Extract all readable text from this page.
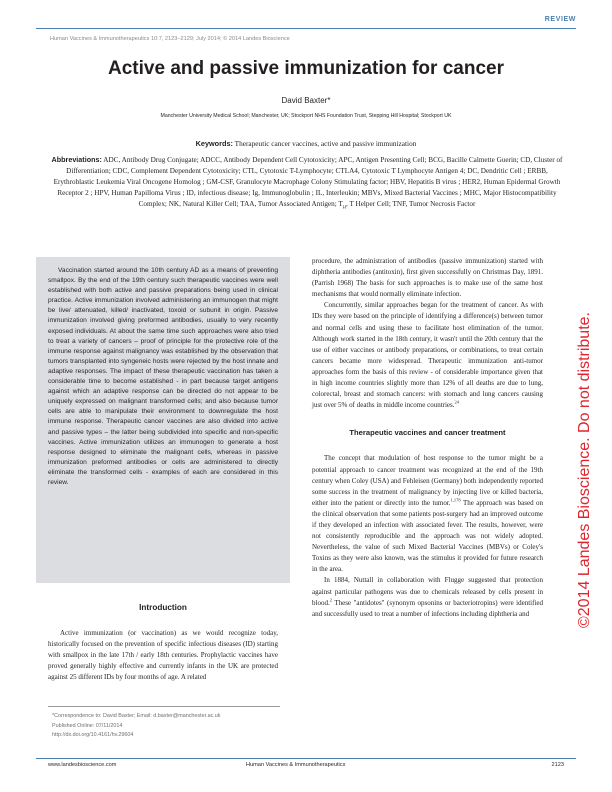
REVIEW
Human Vaccines & Immunotherapeutics 10:7, 2123–2129; July 2014; © 2014 Landes Bioscience
Active and passive immunization for cancer
David Baxter*
Manchester University Medical School; Manchester, UK; Stockport NHS Foundation Trust, Stepping Hill Hospital; Stockport UK
Keywords: Therapeutic cancer vaccines, active and passive immunization
Abbreviations: ADC, Antibody Drug Conjugate; ADCC, Antibody Dependent Cell Cytotoxicity; APC, Antigen Presenting Cell; BCG, Bacille Calmette Guerin; CD, Cluster of Differentiation; CDC, Complement Dependent Cytotoxicity; CTL, Cytotoxic T-Lymphocyte; CTLA4, Cytotoxic T Lymphocyte Antigen 4; DC, Dendritic Cell ; ERBB, Erythroblastic Leukemia Viral Oncogene Homolog ; GM-CSF, Granulocyte Macrophage Colony Stimulating factor; HBV, Hepatitis B virus ; HER2, Human Epidermal Growth Receptor 2 ; HPV, Human Papilloma Virus ; ID, infectious disease; Ig, Immunoglobulin ; IL, Interleukin; MBVs, Mixed Bacterial Vaccines ; MHC, Major Histocompatibility Complex; NK, Natural Killer Cell; TAA, Tumor Associated Antigen; $T_H$, T Helper Cell; TNF, Tumor Necrosis Factor

Vaccination started around the 10th century AD as a means of preventing smallpox. By the end of the 19th century such therapeutic vaccines were well established with both active and passive preparations being used in clinical practice. Active immunization involved administering an immunogen that might be live/ attenuated, killed/ inactivated, toxoid or subunit in origin. Passive immunization involved giving preformed antibodies, usually to very recently exposed individuals. At about the same time such approaches were also tried to treat a variety of cancers – proof of principle for the protective role of the immune response against malignancy was established by the observation that tumors transplanted into syngeneic hosts were rejected by the host innate and adaptive responses. The impact of these therapeutic vaccination has taken a considerable time to become established - in part because target antigens against which an adaptive response can be directed do not appear to be uniquely expressed on malignant transformed cells; and also because tumor cells are able to manipulate their environment to downregulate the host immune response. Therapeutic cancer vaccines are also divided into active and passive types – the latter being subdivided into specific and non-specific vaccines. Active immunization utilizes an immunogen to generate a host response designed to eliminate the malignant cells, whereas in passive immunization preformed antibodies or cells are administered to directly eliminate the transformed cells - examples of each are considered in this review.

Introduction

Active immunization (or vaccination) as we would recognize today, historically focused on the prevention of specific infectious diseases (ID) starting with smallpox in the late 17th / early 18th centuries. Prophylactic vaccines have proved generally highly effective and currently infants in the UK are protected against 25 different IDs by four months of age. A related

*Correspondence to: David Baxter; Email: d.baxter@manchester.ac.uk
Published Online: 07/11/2014
http://dx.doi.org/10.4161/hv.29604

procedure, the administration of antibodies (passive immunization) started with diphtheria antibodies (antitoxin), first given successfully on Christmas Day, 1891. (Parrish 1968) The basis for such approaches is to make use of the same host mechanisms that would normally eliminate infection.

Concurrently, similar approaches began for the treatment of cancer. As with IDs they were based on the principle of identifying a difference(s) between tumor and normal cells and using these to facilitate host elimination of the tumor. Although work started in the 18th century, it wasn't until the 20th century that the use of either vaccines or antibody preparations, or combinations, to treat certain cancers became more widespread. Therapeutic immunization anti-tumor approaches form the basis of this review - of considerable importance given that in high income countries slightly more than 12% of all deaths are due to lung, colorectal, breast and stomach cancers: with stomach and lung cancers causing just over 5% of deaths in middle income countries.$^{24}$

Therapeutic vaccines and cancer treatment

The concept that modulation of host response to the tumor might be a potential approach to cancer treatment was recognized at the end of the 19th century when Coley (USA) and Fehleisen (Germany) both independently reported some success in the treatment of malignancy by injecting live or killed bacteria, either into the patient or directly into the tumor.$^{1,178}$ The approach was based on the clinical observation that some patients post-surgery had an improved outcome if they developed an infection with associated fever. The results, however, were not consistently reproducible and the approach was not widely adopted. Nevertheless, the value of such Mixed Bacterial Vaccines (MBVs) or Coley's Toxins as they were also known, was the stimulus it provided for future research in the area.

In 1884, Nuttall in collaboration with Flugge suggested that protection against particular pathogens was due to chemicals released by cells present in blood.$^2$ These "antidotes" (synonym opsonins or bacteriotropins) were identified and successfully used to treat a number of infections including diphtheria and

www.landesbioscience.com	Human Vaccines & Immunotherapeutics	2123
©2014 Landes Bioscience. Do not distribute.
